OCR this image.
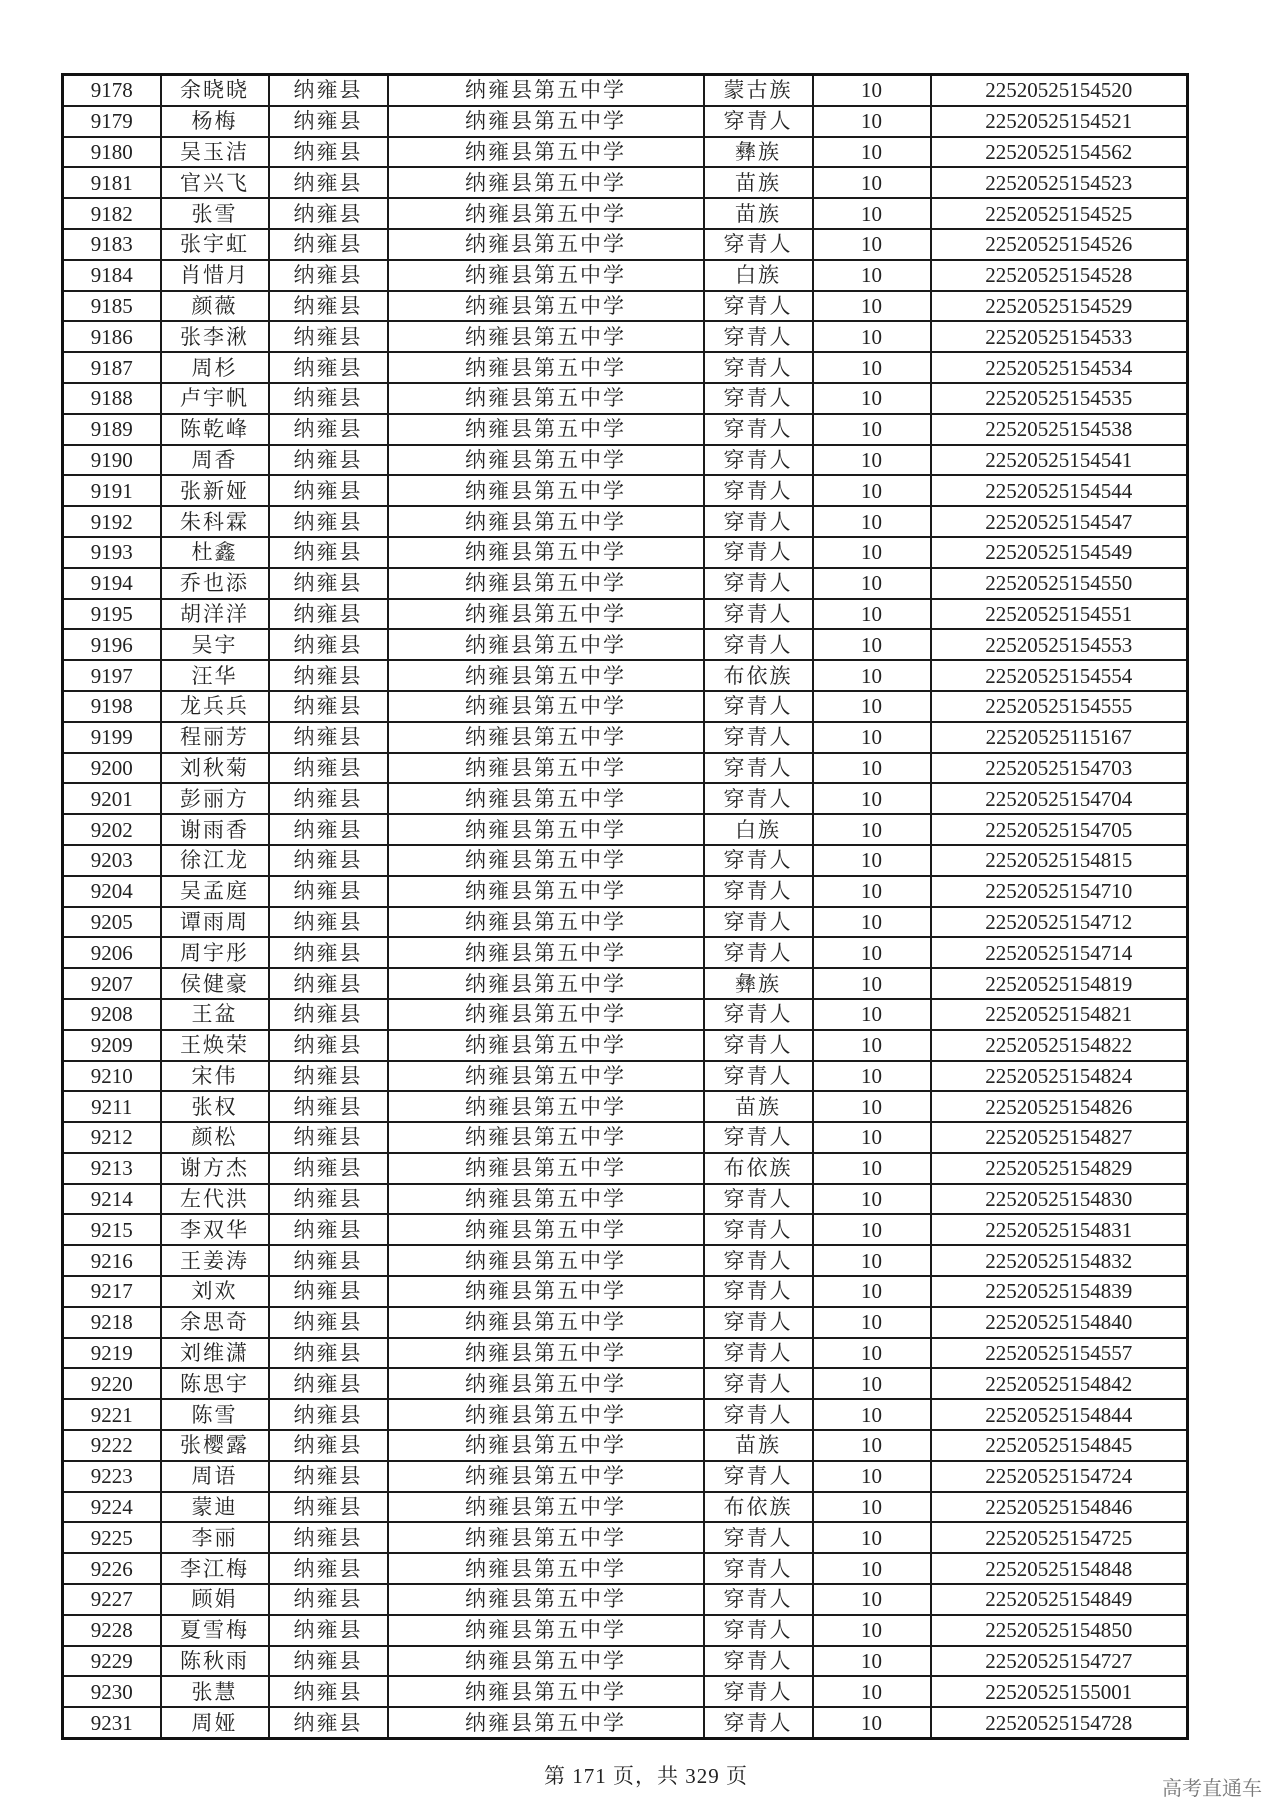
9178	余晓晓	纳雍县	纳雍县第五中学	蒙古族	10	22520525154520
9179	杨梅	纳雍县	纳雍县第五中学	穿青人	10	22520525154521
9180	吴玉洁	纳雍县	纳雍县第五中学	彝族	10	22520525154562
9181	官兴飞	纳雍县	纳雍县第五中学	苗族	10	22520525154523
9182	张雪	纳雍县	纳雍县第五中学	苗族	10	22520525154525
9183	张宇虹	纳雍县	纳雍县第五中学	穿青人	10	22520525154526
9184	肖惜月	纳雍县	纳雍县第五中学	白族	10	22520525154528
9185	颜薇	纳雍县	纳雍县第五中学	穿青人	10	22520525154529
9186	张李湫	纳雍县	纳雍县第五中学	穿青人	10	22520525154533
9187	周杉	纳雍县	纳雍县第五中学	穿青人	10	22520525154534
9188	卢宇帆	纳雍县	纳雍县第五中学	穿青人	10	22520525154535
9189	陈乾峰	纳雍县	纳雍县第五中学	穿青人	10	22520525154538
9190	周香	纳雍县	纳雍县第五中学	穿青人	10	22520525154541
9191	张新娅	纳雍县	纳雍县第五中学	穿青人	10	22520525154544
9192	朱科霖	纳雍县	纳雍县第五中学	穿青人	10	22520525154547
9193	杜鑫	纳雍县	纳雍县第五中学	穿青人	10	22520525154549
9194	乔也添	纳雍县	纳雍县第五中学	穿青人	10	22520525154550
9195	胡洋洋	纳雍县	纳雍县第五中学	穿青人	10	22520525154551
9196	吴宇	纳雍县	纳雍县第五中学	穿青人	10	22520525154553
9197	汪华	纳雍县	纳雍县第五中学	布依族	10	22520525154554
9198	龙兵兵	纳雍县	纳雍县第五中学	穿青人	10	22520525154555
9199	程丽芳	纳雍县	纳雍县第五中学	穿青人	10	22520525115167
9200	刘秋菊	纳雍县	纳雍县第五中学	穿青人	10	22520525154703
9201	彭丽方	纳雍县	纳雍县第五中学	穿青人	10	22520525154704
9202	谢雨香	纳雍县	纳雍县第五中学	白族	10	22520525154705
9203	徐江龙	纳雍县	纳雍县第五中学	穿青人	10	22520525154815
9204	吴孟庭	纳雍县	纳雍县第五中学	穿青人	10	22520525154710
9205	谭雨周	纳雍县	纳雍县第五中学	穿青人	10	22520525154712
9206	周宇彤	纳雍县	纳雍县第五中学	穿青人	10	22520525154714
9207	侯健豪	纳雍县	纳雍县第五中学	彝族	10	22520525154819
9208	王盆	纳雍县	纳雍县第五中学	穿青人	10	22520525154821
9209	王焕荣	纳雍县	纳雍县第五中学	穿青人	10	22520525154822
9210	宋伟	纳雍县	纳雍县第五中学	穿青人	10	22520525154824
9211	张权	纳雍县	纳雍县第五中学	苗族	10	22520525154826
9212	颜松	纳雍县	纳雍县第五中学	穿青人	10	22520525154827
9213	谢方杰	纳雍县	纳雍县第五中学	布依族	10	22520525154829
9214	左代洪	纳雍县	纳雍县第五中学	穿青人	10	22520525154830
9215	李双华	纳雍县	纳雍县第五中学	穿青人	10	22520525154831
9216	王姜涛	纳雍县	纳雍县第五中学	穿青人	10	22520525154832
9217	刘欢	纳雍县	纳雍县第五中学	穿青人	10	22520525154839
9218	余思奇	纳雍县	纳雍县第五中学	穿青人	10	22520525154840
9219	刘维潇	纳雍县	纳雍县第五中学	穿青人	10	22520525154557
9220	陈思宇	纳雍县	纳雍县第五中学	穿青人	10	22520525154842
9221	陈雪	纳雍县	纳雍县第五中学	穿青人	10	22520525154844
9222	张樱露	纳雍县	纳雍县第五中学	苗族	10	22520525154845
9223	周语	纳雍县	纳雍县第五中学	穿青人	10	22520525154724
9224	蒙迪	纳雍县	纳雍县第五中学	布依族	10	22520525154846
9225	李丽	纳雍县	纳雍县第五中学	穿青人	10	22520525154725
9226	李江梅	纳雍县	纳雍县第五中学	穿青人	10	22520525154848
9227	顾娟	纳雍县	纳雍县第五中学	穿青人	10	22520525154849
9228	夏雪梅	纳雍县	纳雍县第五中学	穿青人	10	22520525154850
9229	陈秋雨	纳雍县	纳雍县第五中学	穿青人	10	22520525154727
9230	张慧	纳雍县	纳雍县第五中学	穿青人	10	22520525155001
9231	周娅	纳雍县	纳雍县第五中学	穿青人	10	22520525154728
第 171 页，共 329 页	高考直通车
